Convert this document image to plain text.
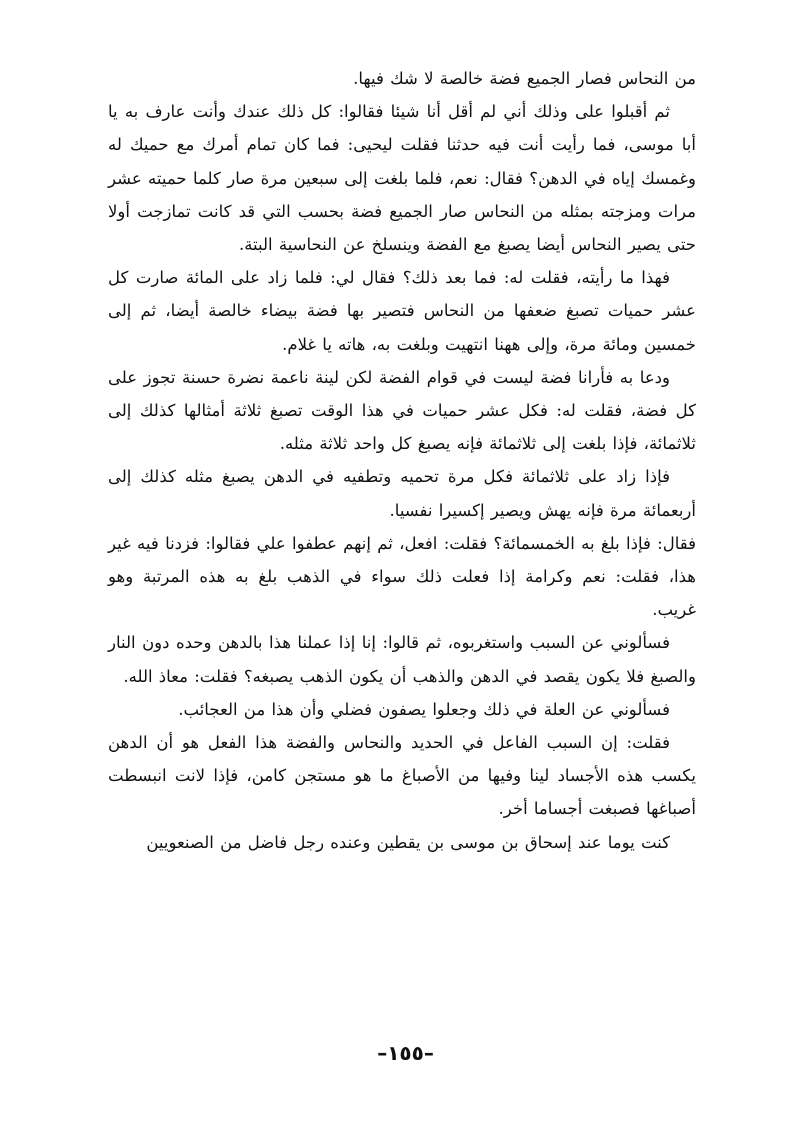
من النحاس فصار الجميع فضة خالصة لا شك فيها.

ثم أقبلوا على وذلك أني لم أقل أنا شيئا فقالوا: كل ذلك عندك وأنت عارف به يا أبا موسى، فما رأيت أنت فيه حدثنا فقلت ليحيى: فما كان تمام أمرك مع حميك له وغمسك إياه في الدهن؟ فقال: نعم، فلما بلغت إلى سبعين مرة صار كلما حميته عشر مرات ومزجته بمثله من النحاس صار الجميع فضة بحسب التي قد كانت تمازجت أولا حتى يصير النحاس أيضا يصبغ مع الفضة وينسلخ عن النحاسية البتة.

فهذا ما رأيته، فقلت له: فما بعد ذلك؟ فقال لي: فلما زاد على المائة صارت كل عشر حميات تصبغ ضعفها من النحاس فتصير بها فضة بيضاء خالصة أيضا، ثم إلى خمسين ومائة مرة، وإلى ههنا انتهيت وبلغت به، هاته يا غلام.

ودعا به فأرانا فضة ليست في قوام الفضة لكن لينة ناعمة نضرة حسنة تجوز على كل فضة، فقلت له: فكل عشر حميات في هذا الوقت تصبغ ثلاثة أمثالها كذلك إلى ثلاثمائة، فإذا بلغت إلى ثلاثمائة فإنه يصبغ كل واحد ثلاثة مثله.

فإذا زاد على ثلاثمائة فكل مرة تحميه وتطفيه في الدهن يصبغ مثله كذلك إلى أربعمائة مرة فإنه يهش ويصير إكسيرا نفسيا.

فقال: فإذا بلغ به الخمسمائة؟ فقلت: افعل، ثم إنهم عطفوا علي فقالوا: فزدنا فيه غير هذا، فقلت: نعم وكرامة إذا فعلت ذلك سواء في الذهب بلغ به هذه المرتبة وهو غريب.

فسألوني عن السبب واستغربوه، ثم قالوا: إنا إذا عملنا هذا بالدهن وحده دون النار والصبغ فلا يكون يقصد في الدهن والذهب أن يكون الذهب يصبغه؟ فقلت: معاذ الله.

فسألوني عن العلة في ذلك وجعلوا يصفون فضلي وأن هذا من العجائب.

فقلت: إن السبب الفاعل في الحديد والنحاس والفضة هذا الفعل هو أن الدهن يكسب هذه الأجساد لينا وفيها من الأصباغ ما هو مستجن كامن، فإذا لانت انبسطت أصباغها فصبغت أجساما أخر.

كنت يوما عند إسحاق بن موسى بن يقطين وعنده رجل فاضل من الصنعويين

–١٥٥–
